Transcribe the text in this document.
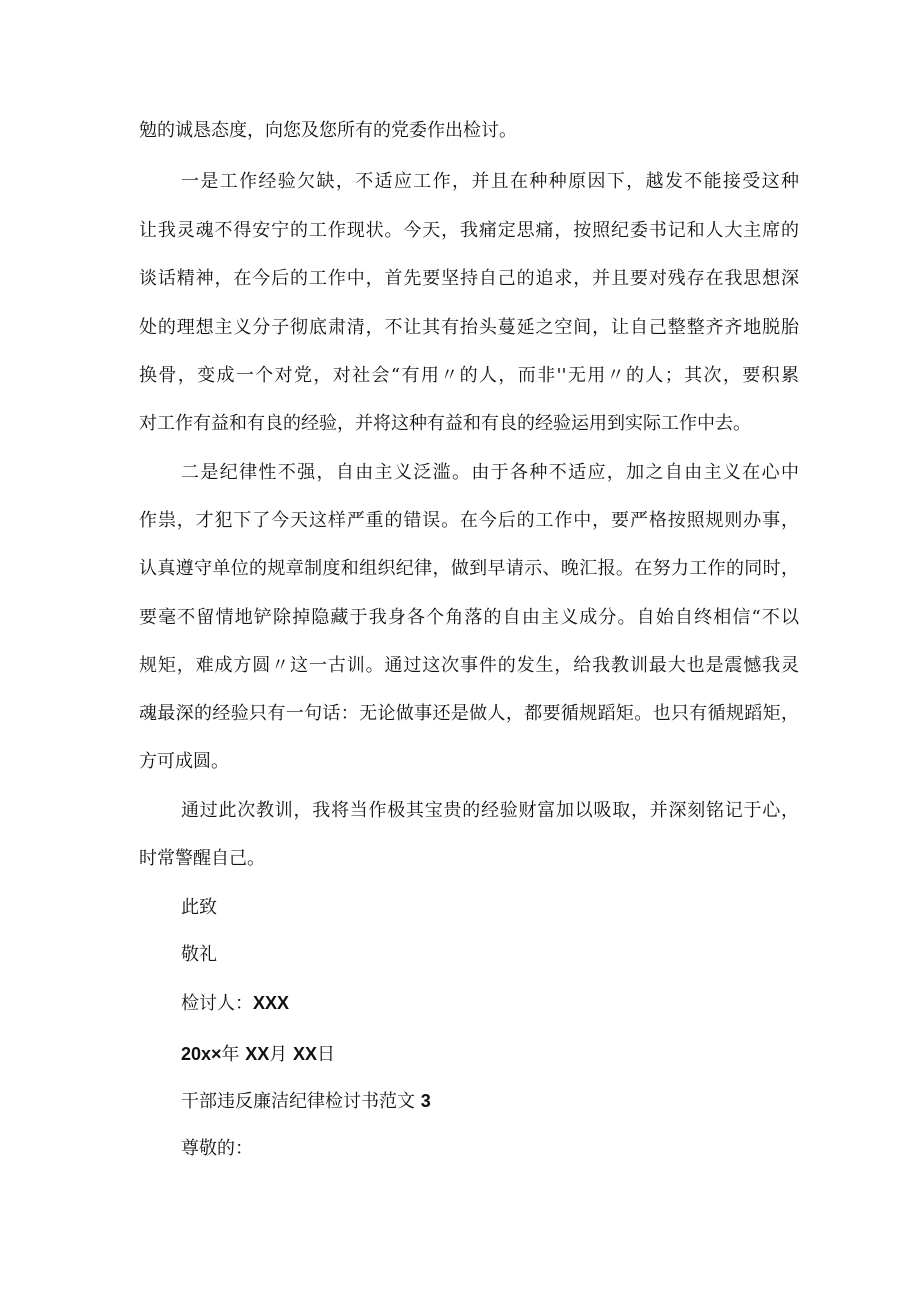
勉的诚恳态度，向您及您所有的党委作出检讨。

一是工作经验欠缺，不适应工作，并且在种种原因下，越发不能接受这种

让我灵魂不得安宁的工作现状。今天，我痛定思痛，按照纪委书记和人大主席的

谈话精神，在今后的工作中，首先要坚持自己的追求，并且要对残存在我思想深

处的理想主义分子彻底肃清，不让其有抬头蔓延之空间，让自己整整齐齐地脱胎

换骨，变成一个对党，对社会“有用〃的人，而非''无用〃的人；其次，要积累

对工作有益和有良的经验，并将这种有益和有良的经验运用到实际工作中去。

二是纪律性不强，自由主义泛滥。由于各种不适应，加之自由主义在心中

作祟，才犯下了今天这样严重的错误。在今后的工作中，要严格按照规则办事，

认真遵守单位的规章制度和组织纪律，做到早请示、晚汇报。在努力工作的同时，

要毫不留情地铲除掉隐藏于我身各个角落的自由主义成分。自始自终相信“不以

规矩，难成方圆〃这一古训。通过这次事件的发生，给我教训最大也是震憾我灵

魂最深的经验只有一句话：无论做事还是做人，都要循规蹈矩。也只有循规蹈矩，

方可成圆。

通过此次教训，我将当作极其宝贵的经验财富加以吸取，并深刻铭记于心，

时常警醒自己。

此致

敬礼

检讨人：XXX

20x×年 XX月 XX日

干部违反廉洁纪律检讨书范文 3

尊敬的：
